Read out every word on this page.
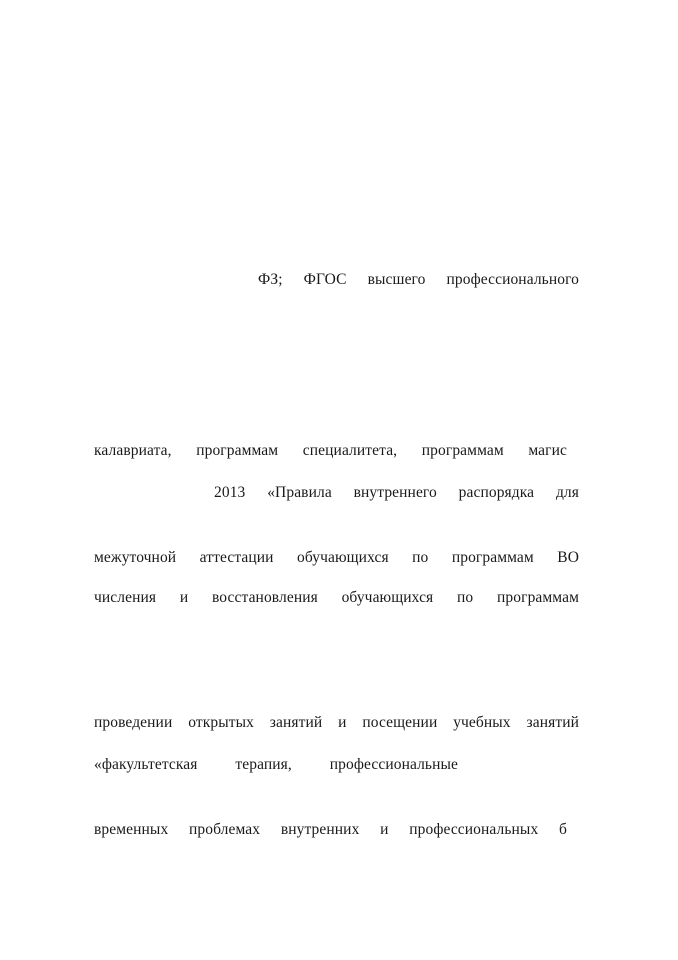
ФЗ; ФГОС высшего профессионального
калавриата, программам специалитета, программам магис
2013 «Правила внутреннего распорядка для
межуточной аттестации обучающихся по программам ВО
числения и восстановления обучающихся по программам
проведении открытых занятий и посещении учебных занятий
«факультетская терапия, профессиональные
временных проблемах внутренних и профессиональных б
